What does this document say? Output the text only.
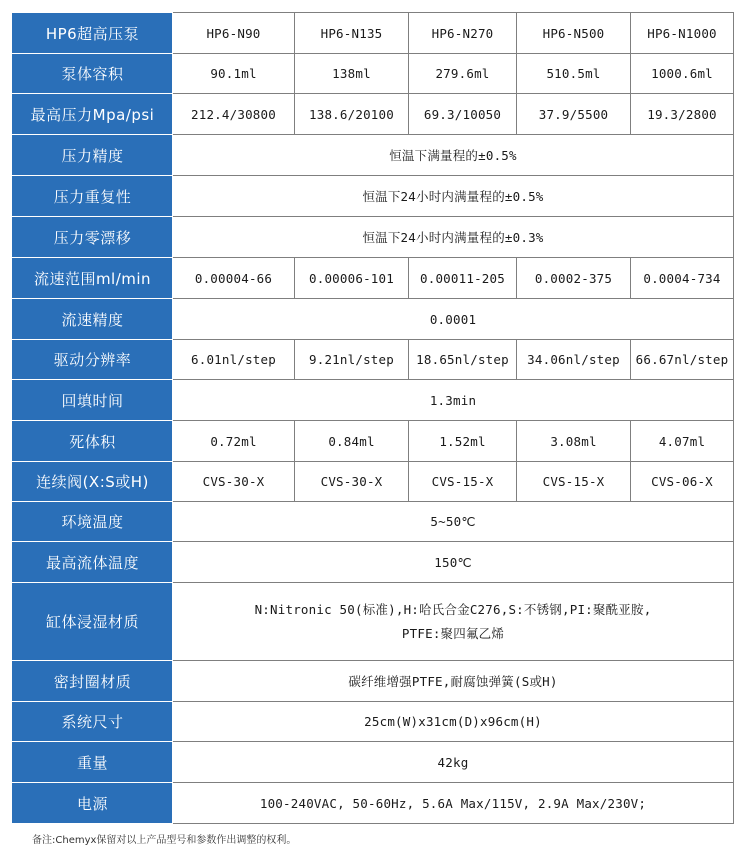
HP6超高压泵	HP6-N90	HP6-N135	HP6-N270	HP6-N500	HP6-N1000
泵体容积	90.1ml	138ml	279.6ml	510.5ml	1000.6ml
最高压力Mpa/psi	212.4/30800	138.6/20100	69.3/10050	37.9/5500	19.3/2800
压力精度	恒温下满量程的±0.5%				
压力重复性	恒温下24小时内满量程的±0.5%				
压力零漂移	恒温下24小时内满量程的±0.3%				
流速范围ml/min	0.00004-66	0.00006-101	0.00011-205	0.0002-375	0.0004-734
流速精度	0.0001				
驱动分辨率	6.01nl/step	9.21nl/step	18.65nl/step	34.06nl/step	66.67nl/step
回填时间	1.3min				
死体积	0.72ml	0.84ml	1.52ml	3.08ml	4.07ml
连续阀(X:S或H)	CVS-30-X	CVS-30-X	CVS-15-X	CVS-15-X	CVS-06-X
环境温度	5~50℃				
最高流体温度	150℃				
缸体浸湿材质	N:Nitronic 50(标准),H:哈氏合金C276,S:不锈钢,PI:聚酰亚胺,
PTFE:聚四氟乙烯				

密封圈材质	碳纤维增强PTFE,耐腐蚀弹簧(S或H)				
系统尺寸	25cm(W)x31cm(D)x96cm(H)				
重量	42kg				
电源	100-240VAC, 50-60Hz, 5.6A Max/115V, 2.9A Max/230V;				
备注:Chemyx保留对以上产品型号和参数作出调整的权利。
